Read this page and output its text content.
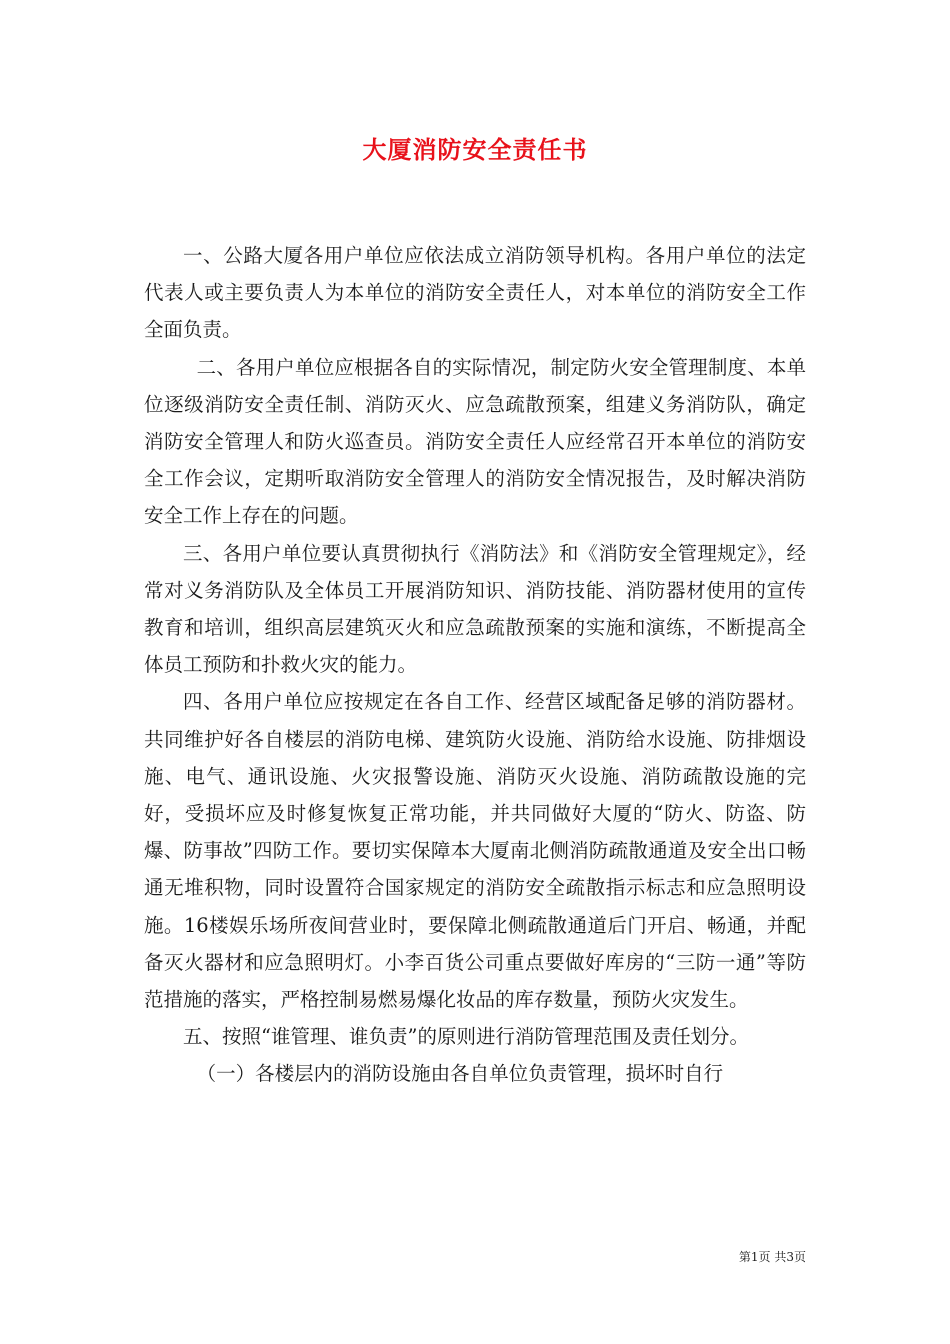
大厦消防安全责任书

一、公路大厦各用户单位应依法成立消防领导机构。各用户单位的法定代表人或主要负责人为本单位的消防安全责任人，对本单位的消防安全工作全面负责。

二、各用户单位应根据各自的实际情况，制定防火安全管理制度、本单位逐级消防安全责任制、消防灭火、应急疏散预案，组建义务消防队，确定消防安全管理人和防火巡查员。消防安全责任人应经常召开本单位的消防安全工作会议，定期听取消防安全管理人的消防安全情况报告，及时解决消防安全工作上存在的问题。

三、各用户单位要认真贯彻执行《消防法》和《消防安全管理规定》，经常对义务消防队及全体员工开展消防知识、消防技能、消防器材使用的宣传教育和培训，组织高层建筑灭火和应急疏散预案的实施和演练，不断提高全体员工预防和扑救火灾的能力。

四、各用户单位应按规定在各自工作、经营区域配备足够的消防器材。共同维护好各自楼层的消防电梯、建筑防火设施、消防给水设施、防排烟设施、电气、通讯设施、火灾报警设施、消防灭火设施、消防疏散设施的完好，受损坏应及时修复恢复正常功能，并共同做好大厦的“防火、防盗、防爆、防事故”四防工作。要切实保障本大厦南北侧消防疏散通道及安全出口畅通无堆积物，同时设置符合国家规定的消防安全疏散指示标志和应急照明设施。16楼娱乐场所夜间营业时，要保障北侧疏散通道后门开启、畅通，并配备灭火器材和应急照明灯。小李百货公司重点要做好库房的“三防一通”等防范措施的落实，严格控制易燃易爆化妆品的库存数量，预防火灾发生。

五、按照“谁管理、谁负责”的原则进行消防管理范围及责任划分。

（一）各楼层内的消防设施由各自单位负责管理，损坏时自行

第1页 共3页
